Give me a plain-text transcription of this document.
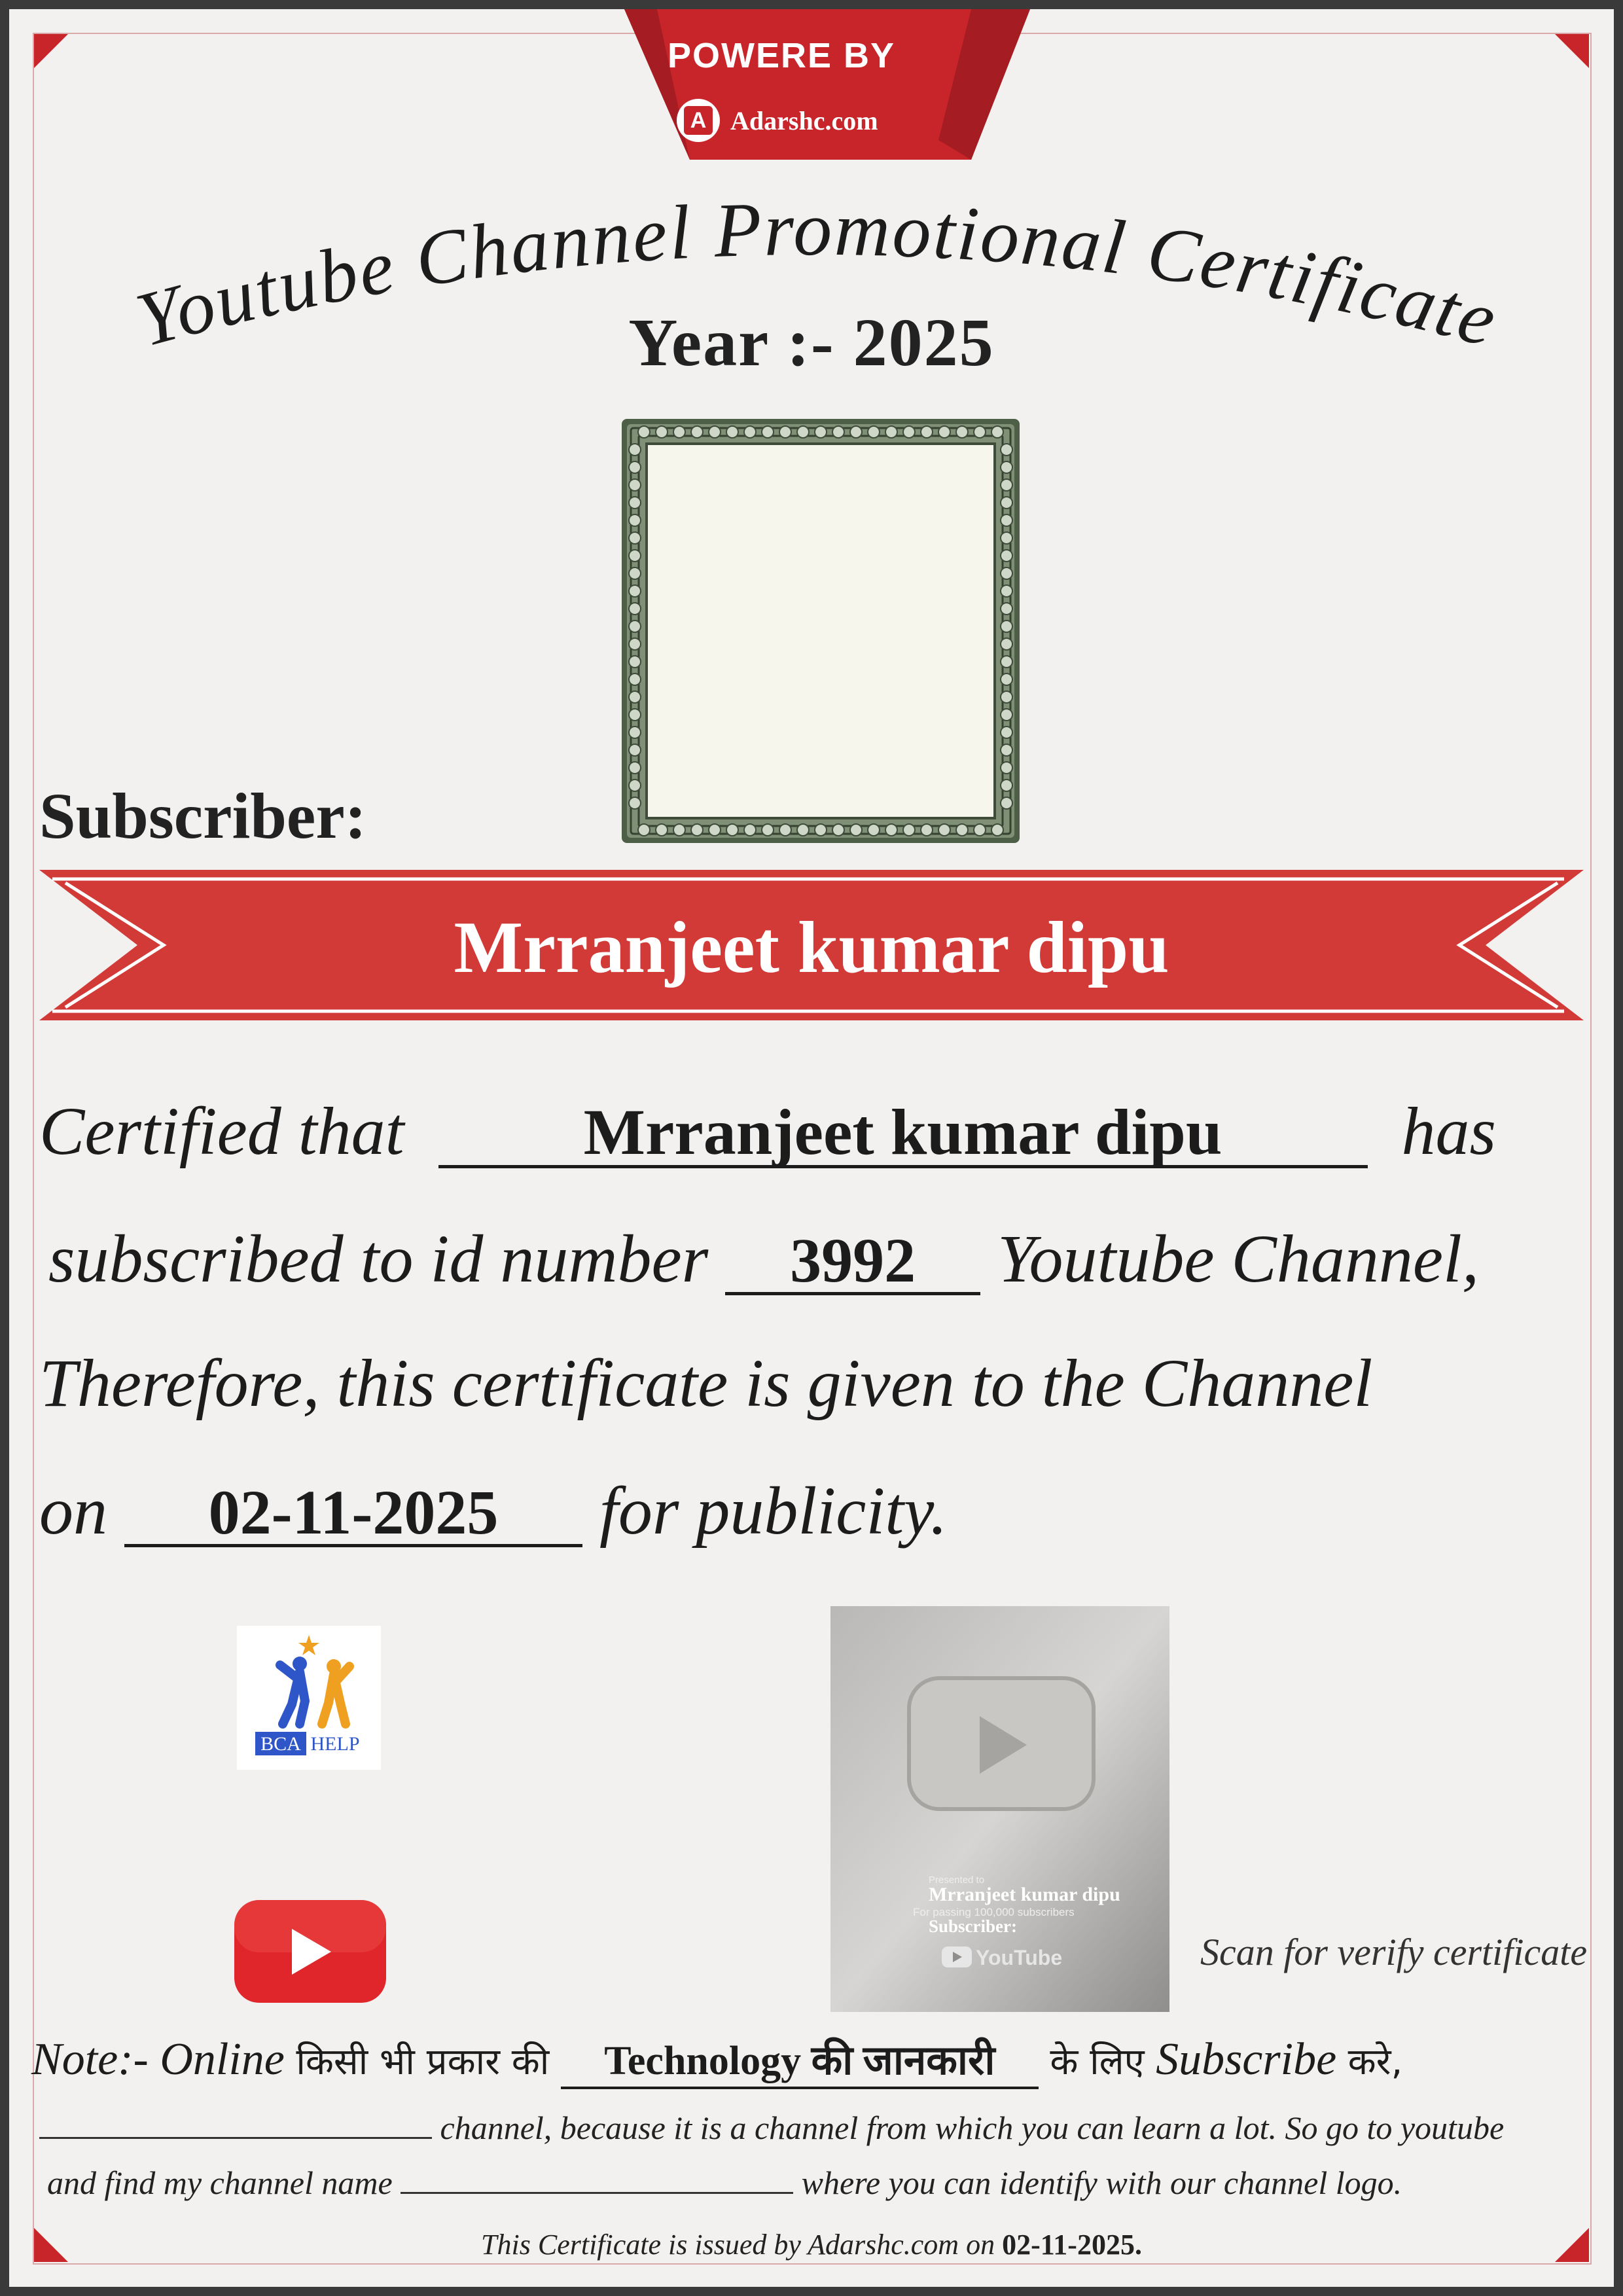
POWERE BY
A Adarshc.com
Youtube Channel Promotional Certificate
Year :- 2025
Subscriber:
Mrranjeet kumar dipu
Certified that	Mrranjeet kumar dipu	has
subscribed to id number 3992 Youtube Channel,
Therefore, this certificate is given to the Channel
on 02-11-2025 for publicity.
BCA HELP
Presented to
Mrranjeet kumar dipu
For passing 100,000 subscribers
Subscriber:
YouTube	Scan for verify certificate
Note:- Online किसी भी प्रकार की Technology की जानकारी के लिए Subscribe करे,
channel, because it is a channel from which you can learn a lot. So go to youtube
and find my channel name	where you can identify with our channel logo.
This Certificate is issued by Adarshc.com on 02-11-2025.
